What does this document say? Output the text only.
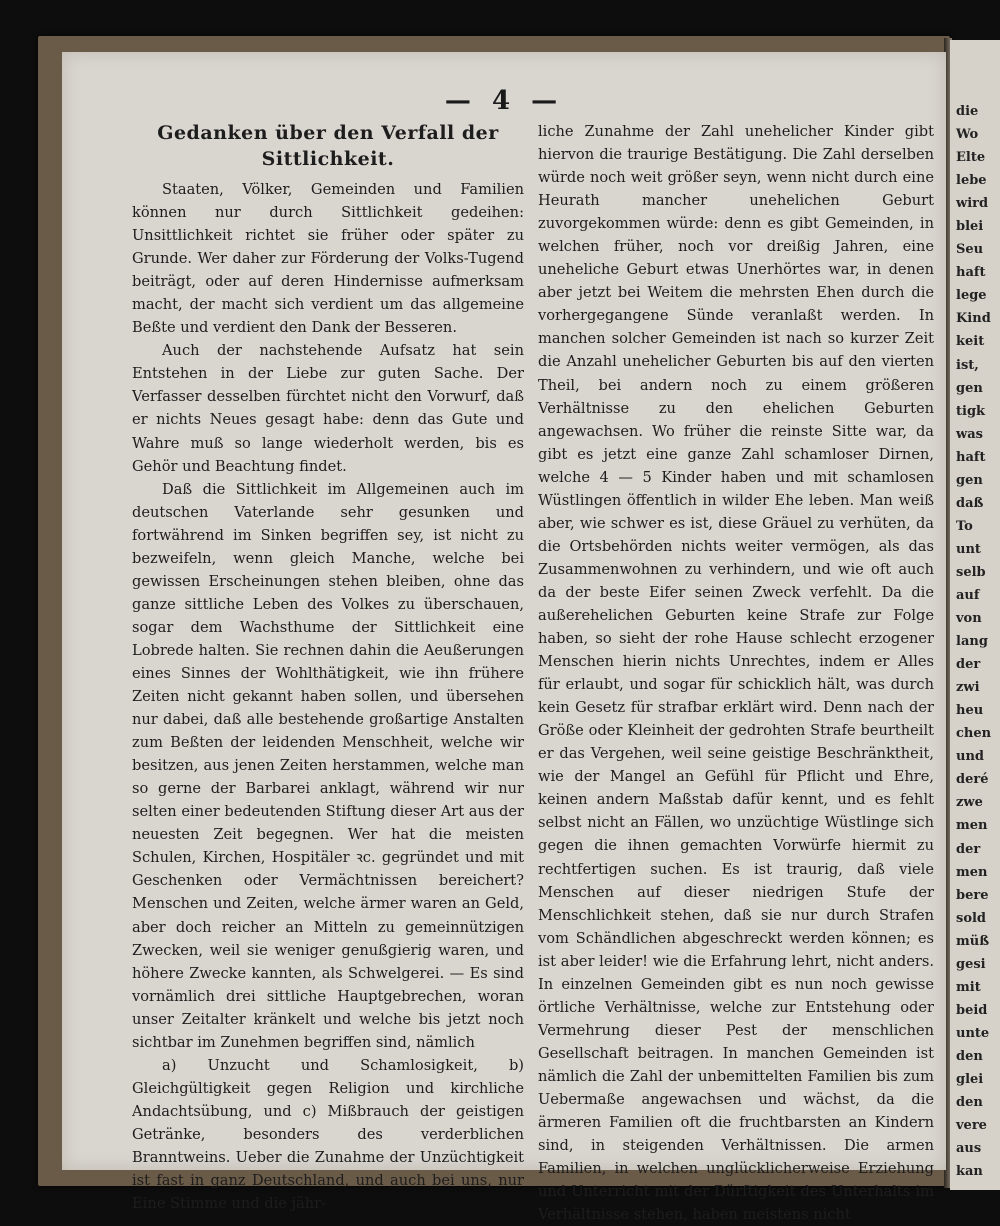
die
Wo
Elte
lebe
wird
blei
Seu
haft
lege
Kind
keit
ist,
gen
tigk
was
haft
gen
daß
To
unt
selb
auf
von
lang
der
zwi
heu
chen
und
deré
zwe
men
der
men
bere
sold
müß
gesi
mit
beid
unte
den
glei
den
vere
aus
kan
— 4 —

Gedanken über den Verfall der Sittlichkeit.

Staaten, Völker, Gemeinden und Familien können nur durch Sittlichkeit gedeihen: Unsittlichkeit richtet sie früher oder später zu Grunde. Wer daher zur Förderung der Volks-Tugend beiträgt, oder auf deren Hindernisse aufmerksam macht, der macht sich verdient um das allgemeine Beßte und verdient den Dank der Besseren.

Auch der nachstehende Aufsatz hat sein Entstehen in der Liebe zur guten Sache. Der Verfasser desselben fürchtet nicht den Vorwurf, daß er nichts Neues gesagt habe: denn das Gute und Wahre muß so lange wiederholt werden, bis es Gehör und Beachtung findet.

Daß die Sittlichkeit im Allgemeinen auch im deutschen Vaterlande sehr gesunken und fortwährend im Sinken begriffen sey, ist nicht zu bezweifeln, wenn gleich Manche, welche bei gewissen Erscheinungen stehen bleiben, ohne das ganze sittliche Leben des Volkes zu überschauen, sogar dem Wachsthume der Sittlichkeit eine Lobrede halten. Sie rechnen dahin die Aeußerungen eines Sinnes der Wohlthätigkeit, wie ihn frühere Zeiten nicht gekannt haben sollen, und übersehen nur dabei, daß alle bestehende großartige Anstalten zum Beßten der leidenden Menschheit, welche wir besitzen, aus jenen Zeiten herstammen, welche man so gerne der Barbarei anklagt, während wir nur selten einer bedeutenden Stiftung dieser Art aus der neuesten Zeit begegnen. Wer hat die meisten Schulen, Kirchen, Hospitäler ꝛc. gegründet und mit Geschenken oder Vermächtnissen bereichert? Menschen und Zeiten, welche ärmer waren an Geld, aber doch reicher an Mitteln zu gemeinnützigen Zwecken, weil sie weniger genußgierig waren, und höhere Zwecke kannten, als Schwelgerei. — Es sind vornämlich drei sittliche Hauptgebrechen, woran unser Zeitalter kränkelt und welche bis jetzt noch sichtbar im Zunehmen begriffen sind, nämlich

a) Unzucht und Schamlosigkeit, b) Gleichgültigkeit gegen Religion und kirchliche Andachtsübung, und c) Mißbrauch der geistigen Getränke, besonders des verderblichen Branntweins. Ueber die Zunahme der Unzüchtigkeit ist fast in ganz Deutschland, und auch bei uns, nur Eine Stimme und die jähr-

liche Zunahme der Zahl unehelicher Kinder gibt hiervon die traurige Bestätigung. Die Zahl derselben würde noch weit größer seyn, wenn nicht durch eine Heurath mancher unehelichen Geburt zuvorgekommen würde: denn es gibt Gemeinden, in welchen früher, noch vor dreißig Jahren, eine uneheliche Geburt etwas Unerhörtes war, in denen aber jetzt bei Weitem die mehrsten Ehen durch die vorhergegangene Sünde veranlaßt werden. In manchen solcher Gemeinden ist nach so kurzer Zeit die Anzahl unehelicher Geburten bis auf den vierten Theil, bei andern noch zu einem größeren Verhältnisse zu den ehelichen Geburten angewachsen. Wo früher die reinste Sitte war, da gibt es jetzt eine ganze Zahl schamloser Dirnen, welche 4 — 5 Kinder haben und mit schamlosen Wüstlingen öffentlich in wilder Ehe leben. Man weiß aber, wie schwer es ist, diese Gräuel zu verhüten, da die Ortsbehörden nichts weiter vermögen, als das Zusammenwohnen zu verhindern, und wie oft auch da der beste Eifer seinen Zweck verfehlt. Da die außerehelichen Geburten keine Strafe zur Folge haben, so sieht der rohe Hause schlecht erzogener Menschen hierin nichts Unrechtes, indem er Alles für erlaubt, und sogar für schicklich hält, was durch kein Gesetz für strafbar erklärt wird. Denn nach der Größe oder Kleinheit der gedrohten Strafe beurtheilt er das Vergehen, weil seine geistige Beschränktheit, wie der Mangel an Gefühl für Pflicht und Ehre, keinen andern Maßstab dafür kennt, und es fehlt selbst nicht an Fällen, wo unzüchtige Wüstlinge sich gegen die ihnen gemachten Vorwürfe hiermit zu rechtfertigen suchen. Es ist traurig, daß viele Menschen auf dieser niedrigen Stufe der Menschlichkeit stehen, daß sie nur durch Strafen vom Schändlichen abgeschreckt werden können; es ist aber leider! wie die Erfahrung lehrt, nicht anders. In einzelnen Gemeinden gibt es nun noch gewisse örtliche Verhältnisse, welche zur Entstehung oder Vermehrung dieser Pest der menschlichen Gesellschaft beitragen. In manchen Gemeinden ist nämlich die Zahl der unbemittelten Familien bis zum Uebermaße angewachsen und wächst, da die ärmeren Familien oft die fruchtbarsten an Kindern sind, in steigenden Verhältnissen. Die armen Familien, in welchen unglücklicherweise Erziehung und Unterricht mit der Dürftigkeit des Unterhalts im Verhältnisse stehen, haben meistens nicht
